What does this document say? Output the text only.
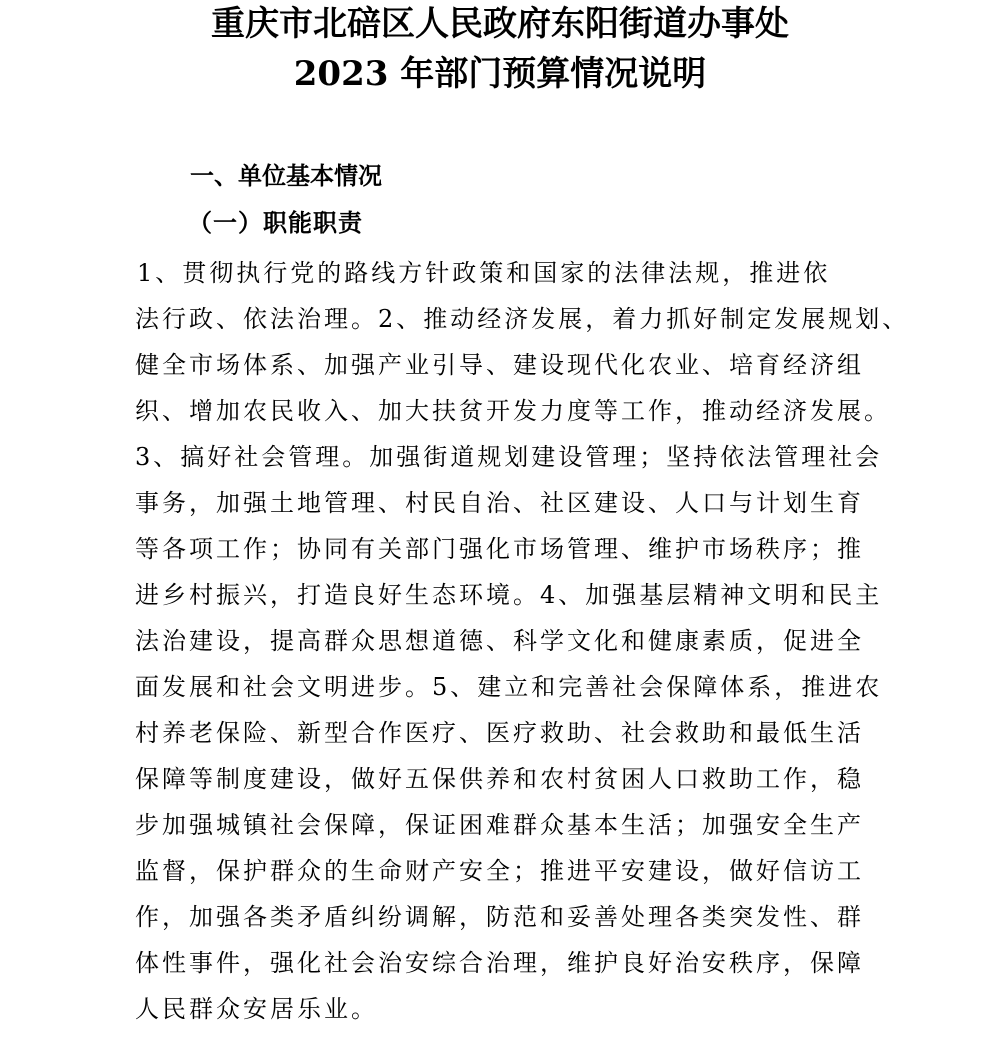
重庆市北碚区人民政府东阳街道办事处
2023 年部门预算情况说明
一、单位基本情况
（一）职能职责

1、贯彻执行党的路线方针政策和国家的法律法规，推进依

法行政、依法治理。2、推动经济发展，着力抓好制定发展规划、

健全市场体系、加强产业引导、建设现代化农业、培育经济组

织、增加农民收入、加大扶贫开发力度等工作，推动经济发展。

3、搞好社会管理。加强街道规划建设管理；坚持依法管理社会

事务，加强土地管理、村民自治、社区建设、人口与计划生育

等各项工作；协同有关部门强化市场管理、维护市场秩序；推

进乡村振兴，打造良好生态环境。4、加强基层精神文明和民主

法治建设，提高群众思想道德、科学文化和健康素质，促进全

面发展和社会文明进步。5、建立和完善社会保障体系，推进农

村养老保险、新型合作医疗、医疗救助、社会救助和最低生活

保障等制度建设，做好五保供养和农村贫困人口救助工作，稳

步加强城镇社会保障，保证困难群众基本生活；加强安全生产

监督，保护群众的生命财产安全；推进平安建设，做好信访工

作，加强各类矛盾纠纷调解，防范和妥善处理各类突发性、群

体性事件，强化社会治安综合治理，维护良好治安秩序，保障

人民群众安居乐业。
